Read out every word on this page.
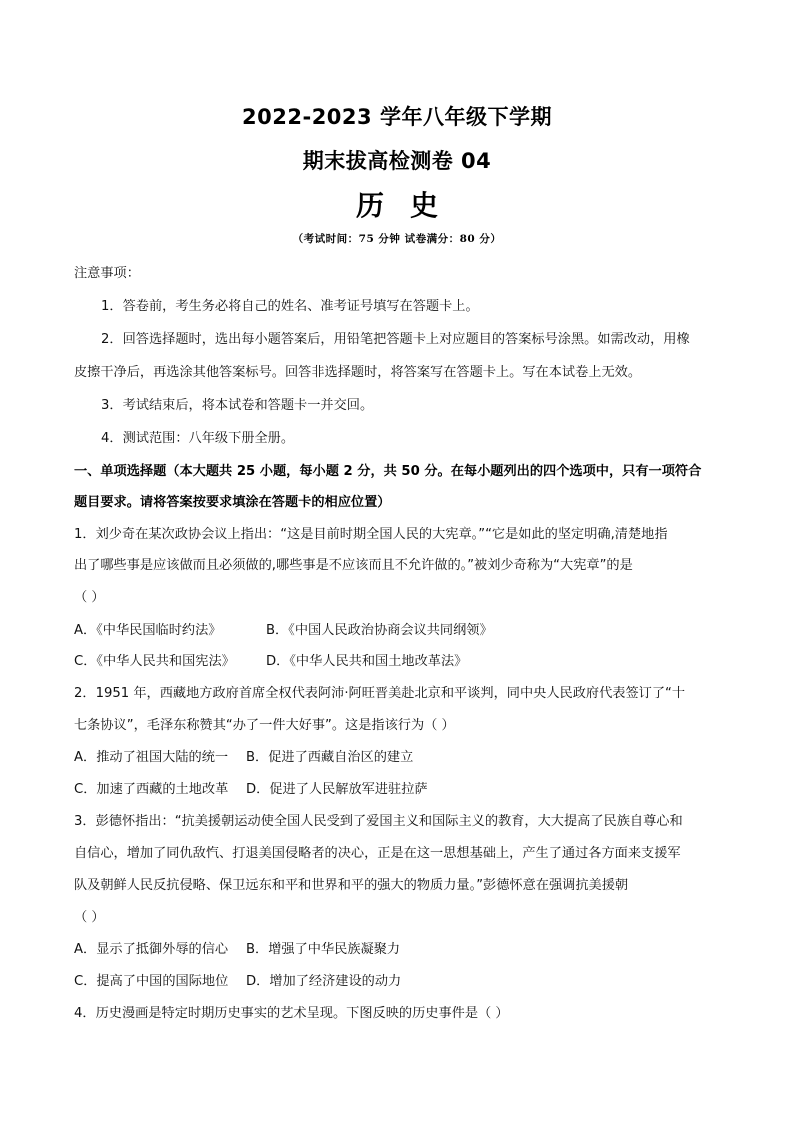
2022-2023 学年八年级下学期
期末拔高检测卷 04
历史
（考试时间：75 分钟 试卷满分：80 分）
注意事项：
1．答卷前，考生务必将自己的姓名、准考证号填写在答题卡上。
2．回答选择题时，选出每小题答案后，用铅笔把答题卡上对应题目的答案标号涂黑。如需改动，用橡
皮擦干净后，再选涂其他答案标号。回答非选择题时，将答案写在答题卡上。写在本试卷上无效。
3．考试结束后，将本试卷和答题卡一并交回。
4．测试范围：八年级下册全册。
一、单项选择题（本大题共 25 小题，每小题 2 分，共 50 分。在每小题列出的四个选项中，只有一项符合
题目要求。请将答案按要求填涂在答题卡的相应位置）
1．刘少奇在某次政协会议上指出：“这是目前时期全国人民的大宪章。”“它是如此的坚定明确,清楚地指
出了哪些事是应该做而且必须做的,哪些事是不应该而且不允许做的。”被刘少奇称为“大宪章”的是
（ ）
A．《中华民国临时约法》	B．《中国人民政治协商会议共同纲领》
C．《中华人民共和国宪法》 D．《中华人民共和国土地改革法》
2．1951 年，西藏地方政府首席全权代表阿沛·阿旺晋美赴北京和平谈判，同中央人民政府代表签订了“十
七条协议”，毛泽东称赞其“办了一件大好事”。这是指该行为（ ）
A．推动了祖国大陆的统一 B．促进了西藏自治区的建立
C．加速了西藏的土地改革 D．促进了人民解放军进驻拉萨
3．彭德怀指出：“抗美援朝运动使全国人民受到了爱国主义和国际主义的教育，大大提高了民族自尊心和
自信心，增加了同仇敌忾、打退美国侵略者的决心，正是在这一思想基础上，产生了通过各方面来支援军
队及朝鲜人民反抗侵略、保卫远东和平和世界和平的强大的物质力量。”彭德怀意在强调抗美援朝
（ ）
A．显示了抵御外辱的信心 B．增强了中华民族凝聚力
C．提高了中国的国际地位 D．增加了经济建设的动力
4．历史漫画是特定时期历史事实的艺术呈现。下图反映的历史事件是（ ）
